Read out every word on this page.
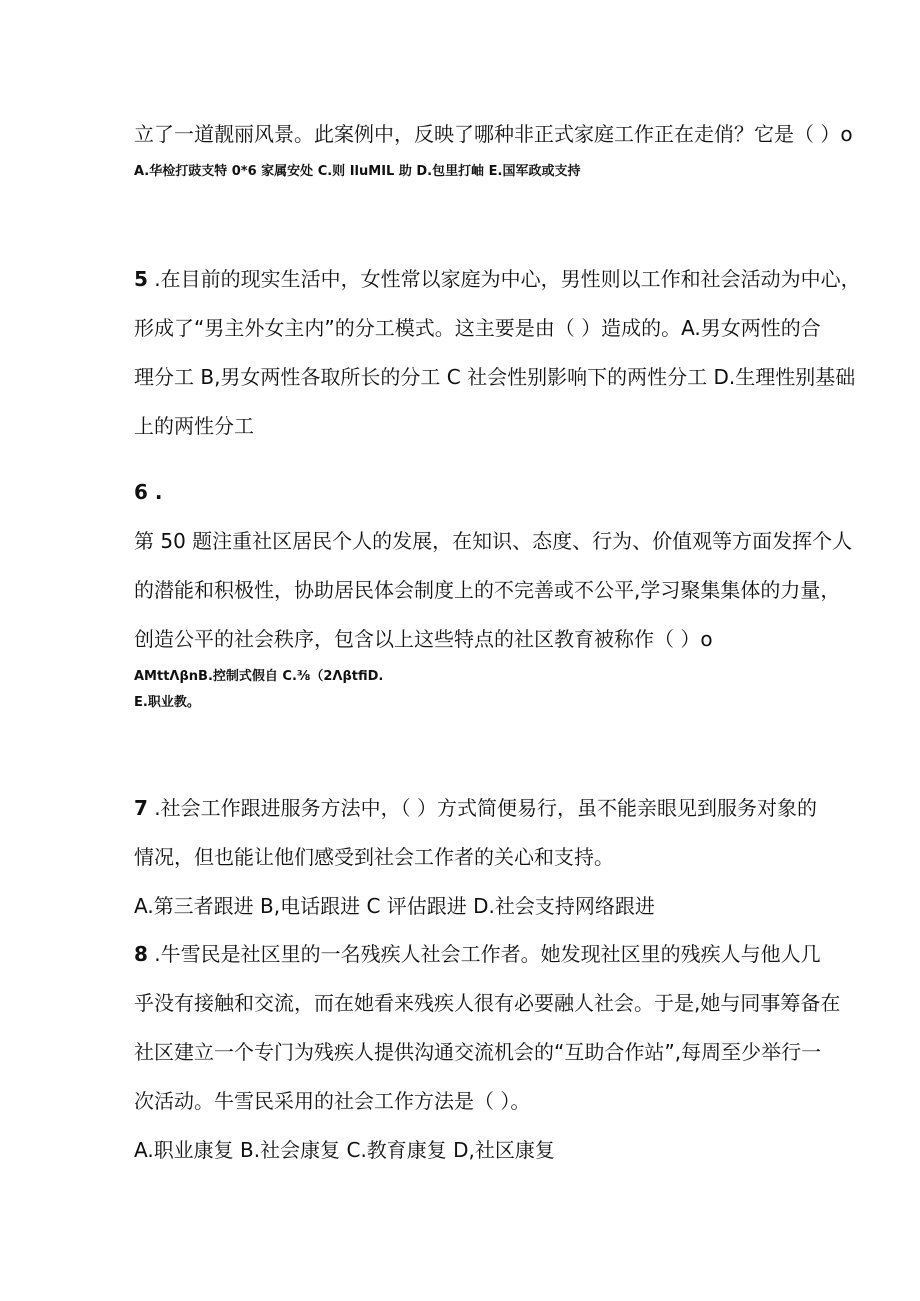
立了一道靓丽风景。此案例中，反映了哪种非正式家庭工作正在走俏？它是（ ）o

A.华检打豉支特 0*6 家属安处 C.则 IluMIL 助 D.包里打岫 E.国军政或支持

5 .在目前的现实生活中，女性常以家庭为中心，男性则以工作和社会活动为中心，

形成了“男主外女主内”的分工模式。这主要是由（ ）造成的。A.男女两性的合

理分工 B,男女两性各取所长的分工 C 社会性别影响下的两性分工 D.生理性别基础

上的两性分工

6 .

第 50 题注重社区居民个人的发展，在知识、态度、行为、价值观等方面发挥个人

的潜能和积极性，协助居民体会制度上的不完善或不公平,学习聚集集体的力量，

创造公平的社会秩序，包含以上这些特点的社区教育被称作（ ）o

AMttΛβnB.控制式假自 C.⅜（2ΛβtfiD.

E.职业教。

7 .社会工作跟进服务方法中，（ ）方式简便易行，虽不能亲眼见到服务对象的

情况，但也能让他们感受到社会工作者的关心和支持。

A.第三者跟进 B,电话跟进 C 评估跟进 D.社会支持网络跟进

8 .牛雪民是社区里的一名残疾人社会工作者。她发现社区里的残疾人与他人几

乎没有接触和交流，而在她看来残疾人很有必要融人社会。于是,她与同事筹备在

社区建立一个专门为残疾人提供沟通交流机会的“互助合作站”,每周至少举行一

次活动。牛雪民采用的社会工作方法是（ ）。

A.职业康复 B.社会康复 C.教育康复 D,社区康复
